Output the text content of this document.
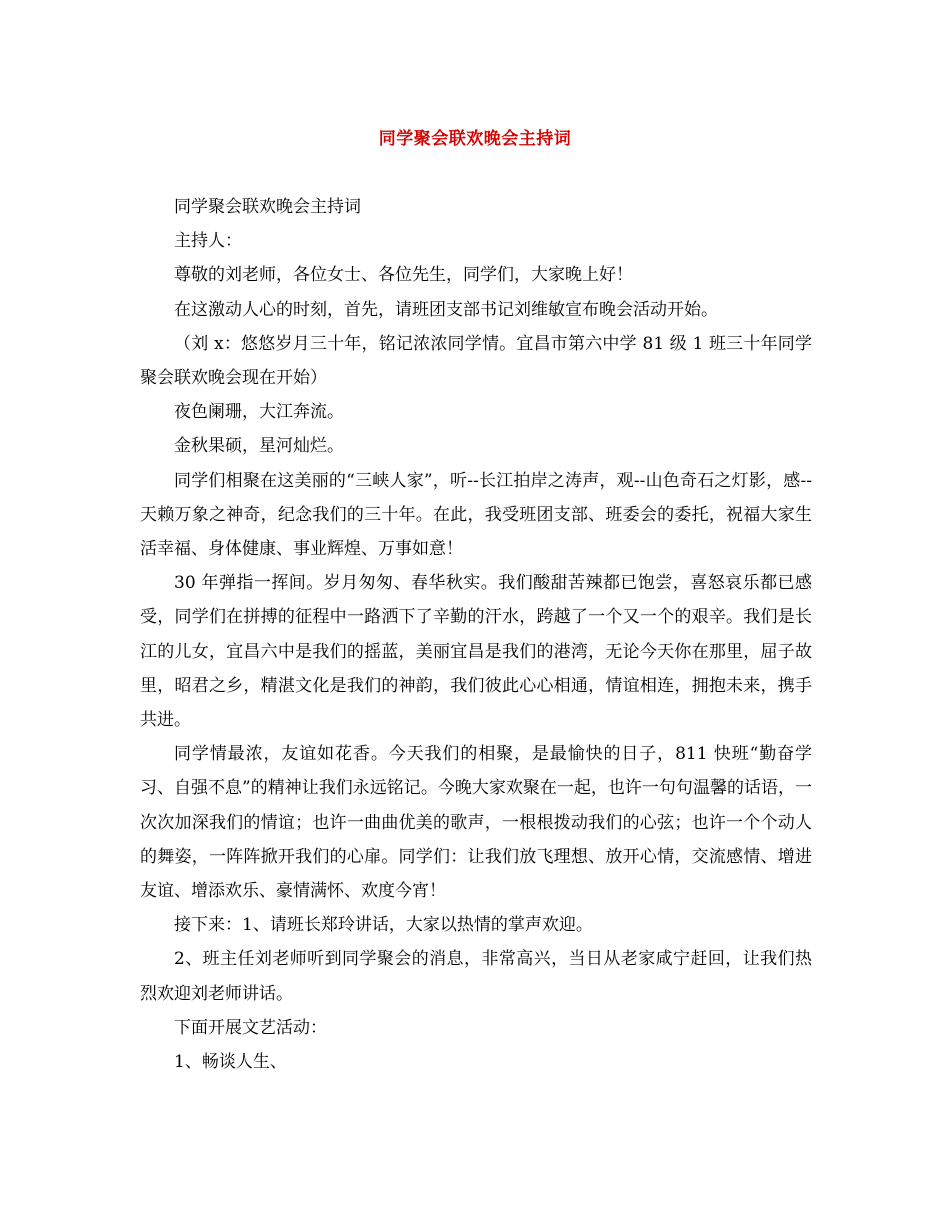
同学聚会联欢晚会主持词

同学聚会联欢晚会主持词

主持人：

尊敬的刘老师，各位女士、各位先生，同学们，大家晚上好！

在这激动人心的时刻，首先，请班团支部书记刘维敏宣布晚会活动开始。

（刘 x：悠悠岁月三十年，铭记浓浓同学情。宜昌市第六中学 81 级 1 班三十年同学聚会联欢晚会现在开始）

夜色阑珊，大江奔流。

金秋果硕，星河灿烂。

同学们相聚在这美丽的“三峡人家”，听--长江拍岸之涛声，观--山色奇石之灯影，感--天赖万象之神奇，纪念我们的三十年。在此，我受班团支部、班委会的委托，祝福大家生活幸福、身体健康、事业辉煌、万事如意！

30 年弹指一挥间。岁月匆匆、春华秋实。我们酸甜苦辣都已饱尝，喜怒哀乐都已感受，同学们在拼搏的征程中一路洒下了辛勤的汗水，跨越了一个又一个的艰辛。我们是长江的儿女，宜昌六中是我们的摇蓝，美丽宜昌是我们的港湾，无论今天你在那里，屈子故里，昭君之乡，精湛文化是我们的神韵，我们彼此心心相通，情谊相连，拥抱未来，携手共进。

同学情最浓，友谊如花香。今天我们的相聚，是最愉快的日子，811 快班“勤奋学习、自强不息”的精神让我们永远铭记。今晚大家欢聚在一起，也许一句句温馨的话语，一次次加深我们的情谊；也许一曲曲优美的歌声，一根根拨动我们的心弦；也许一个个动人的舞姿，一阵阵掀开我们的心扉。同学们：让我们放飞理想、放开心情，交流感情、增进友谊、增添欢乐、豪情满怀、欢度今宵！

接下来：1、请班长郑玲讲话，大家以热情的掌声欢迎。

2、班主任刘老师听到同学聚会的消息，非常高兴，当日从老家咸宁赶回，让我们热烈欢迎刘老师讲话。

下面开展文艺活动：

1、畅谈人生、
